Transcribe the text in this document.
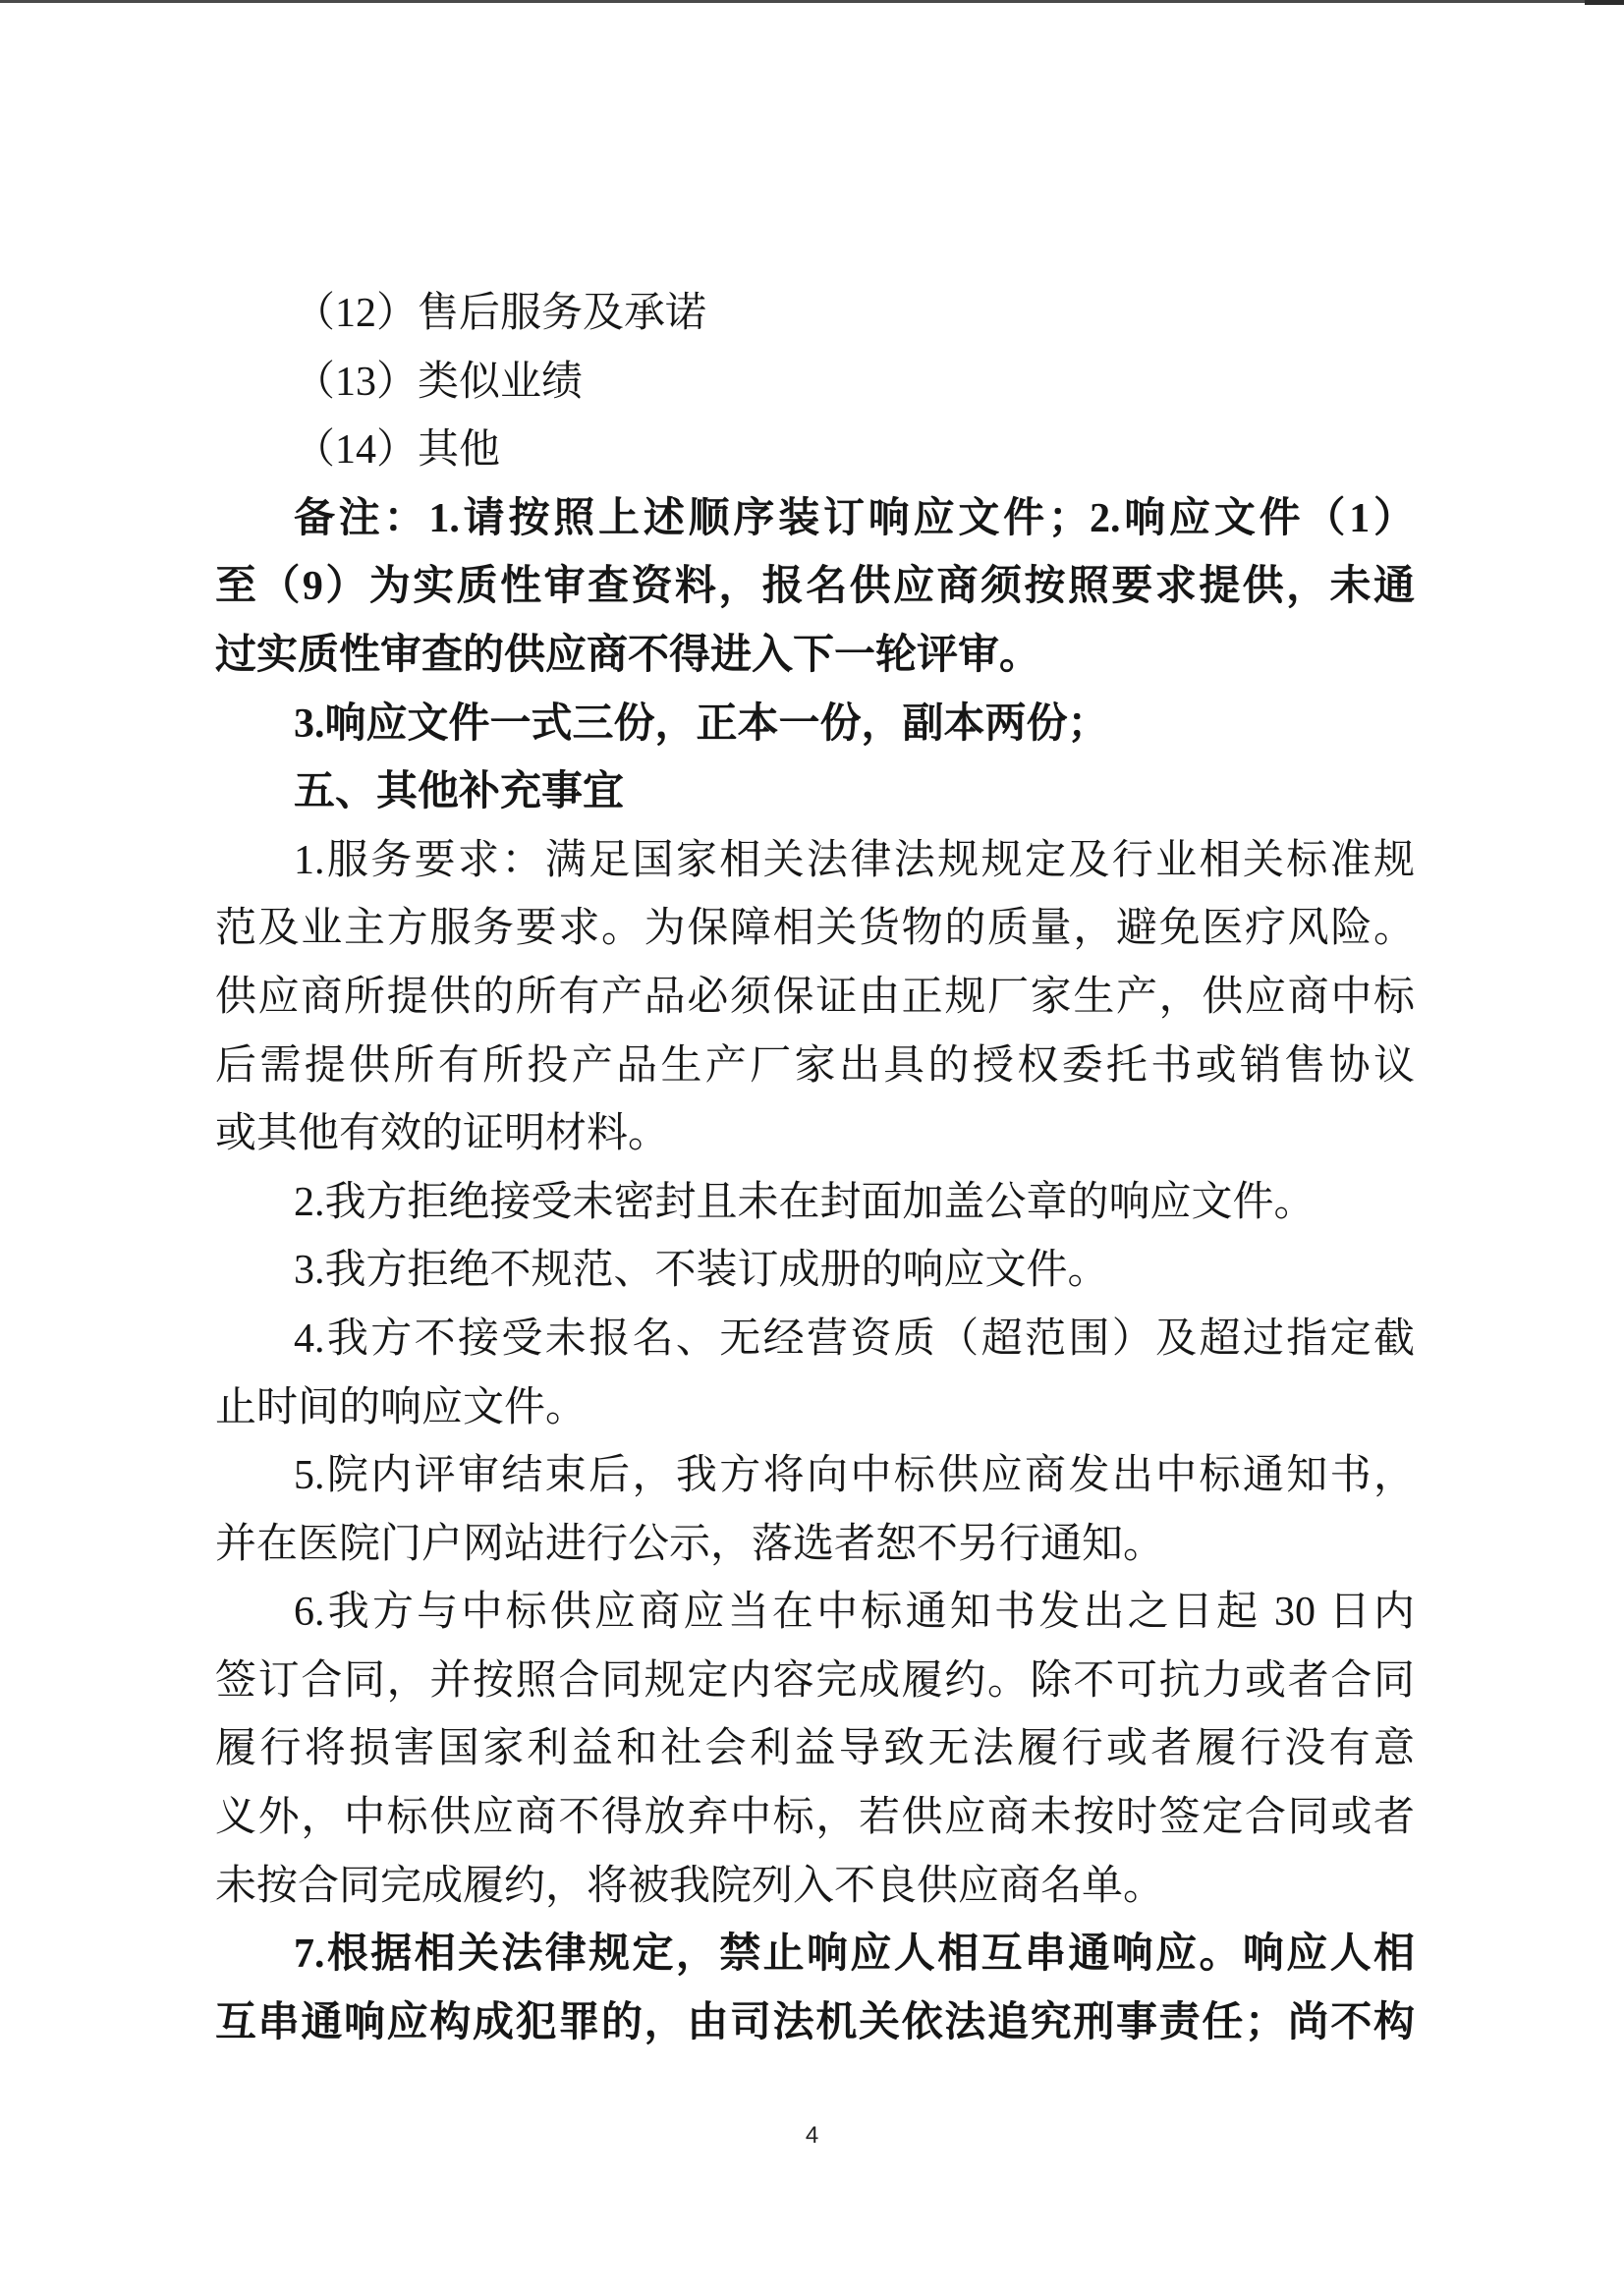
（12）售后服务及承诺
（13）类似业绩
（14）其他
备注：1.请按照上述顺序装订响应文件；2.响应文件（1）
至（9）为实质性审查资料，报名供应商须按照要求提供，未通
过实质性审查的供应商不得进入下一轮评审。
3.响应文件一式三份，正本一份，副本两份；
五、其他补充事宜
1.服务要求：满足国家相关法律法规规定及行业相关标准规
范及业主方服务要求。为保障相关货物的质量，避免医疗风险。
供应商所提供的所有产品必须保证由正规厂家生产，供应商中标
后需提供所有所投产品生产厂家出具的授权委托书或销售协议
或其他有效的证明材料。
2.我方拒绝接受未密封且未在封面加盖公章的响应文件。
3.我方拒绝不规范、不装订成册的响应文件。
4.我方不接受未报名、无经营资质（超范围）及超过指定截
止时间的响应文件。
5.院内评审结束后，我方将向中标供应商发出中标通知书，
并在医院门户网站进行公示，落选者恕不另行通知。
6.我方与中标供应商应当在中标通知书发出之日起 30 日内
签订合同，并按照合同规定内容完成履约。除不可抗力或者合同
履行将损害国家利益和社会利益导致无法履行或者履行没有意
义外，中标供应商不得放弃中标，若供应商未按时签定合同或者
未按合同完成履约，将被我院列入不良供应商名单。
7.根据相关法律规定，禁止响应人相互串通响应。响应人相
互串通响应构成犯罪的，由司法机关依法追究刑事责任；尚不构
4
